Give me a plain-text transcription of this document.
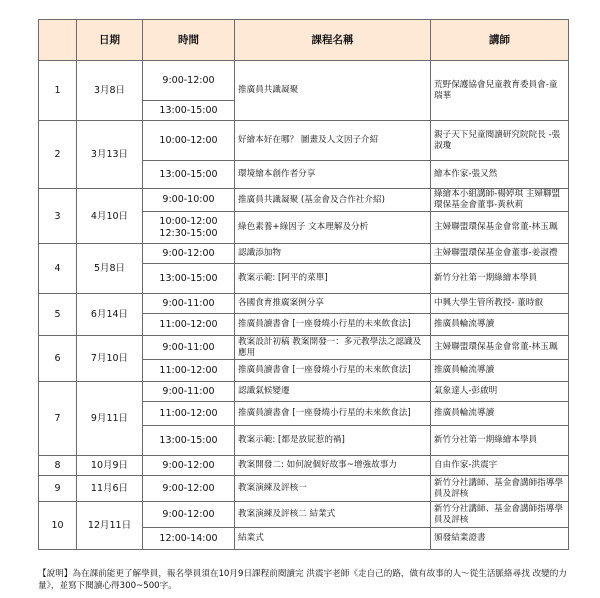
	日期	時間	課程名稱	講師
1	3月8日	9:00-12:00	推廣員共識凝聚	荒野保護協會兒童教育委員會-童瑞華
		13:00-15:00		
2	3月13日	10:00-12:00	好繪本好在哪？ 圖畫及人文因子介紹	親子天下兒童閱讀研究院院長 -張淑瓊
		13:00-15:00	環境繪本創作者分享	繪本作家-張又然
3	4月10日	9:00-10:00	推廣員共識凝聚 (基金會及合作社介紹)	綠繪本小組講師-楊婷琪 主婦聯盟環保基金會董事-黃秋莉
		10:00-12:00 12:30-15:00	綠色素養+綠因子 文本理解及分析	主婦聯盟環保基金會常董-林玉珮
4	5月8日	9:00-12:00	認識添加物	主婦聯盟環保基金會董事-姜淑禮
		13:00-15:00	教案示範: [阿平的菜單]	新竹分社第一期綠繪本學員
5	6月14日	9:00-11:00	各國食育推廣案例分享	中興大學生管所教授- 董時叡
		11:00-12:00	推廣員讀書會 [一座發燒小行星的未來飲食法]	推廣員輪流導讀
6	7月10日	9:00-11:00	教案設計初稿 教案開發一：多元教學法之認識及應用	主婦聯盟環保基金會常董-林玉珮
		11:00-12:00	推廣員讀書會 [一座發燒小行星的未來飲食法]	推廣員輪流導讀
7	9月11日	9:00-11:00	認識氣候變遷	氣象達人-彭啟明
		11:00-12:00	推廣員讀書會 [一座發燒小行星的未來飲食法]	推廣員輪流導讀
		13:00-15:00	教案示範: [都是放屁惹的禍]	新竹分社第一期綠繪本學員
8	10月9日	9:00-12:00	教案開發二: 如何說個好故事~增強故事力	自由作家-洪震宇
9	11月6日	9:00-12:00	教案演練及評核一	新竹分社講師、基金會講師指導學員及評核
10	12月11日	9:00-12:00	教案演練及評核二 結業式	新竹分社講師、基金會講師指導學員及評核
		12:00-14:00	結業式	頒發結業證書
【說明】為在課前能更了解學員，報名學員須在10月9日課程前閱讀完 洪震宇老師《走自己的路，做有故事的人～從生活脈絡尋找 改變的力量》，並寫下閱讀心得300~500字。
